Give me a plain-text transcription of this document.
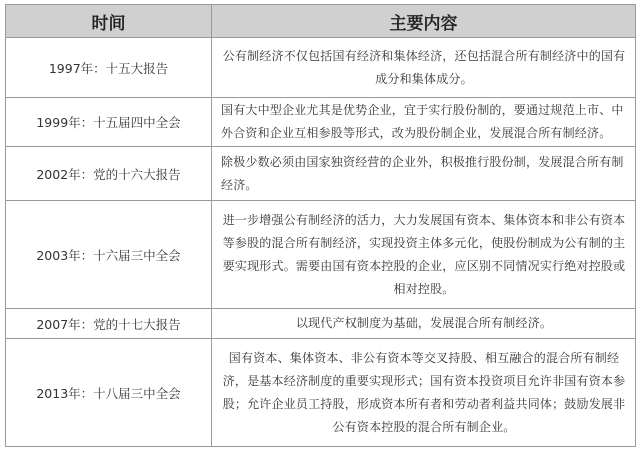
时间	主要内容
1997年：十五大报告	公有制经济不仅包括国有经济和集体经济，还包括混合所有制经济中的国有成分和集体成分。
1999年：十五届四中全会	国有大中型企业尤其是优势企业，宜于实行股份制的，要通过规范上市、中外合资和企业互相参股等形式，改为股份制企业，发展混合所有制经济。
2002年：党的十六大报告	除极少数必须由国家独资经营的企业外，积极推行股份制，发展混合所有制经济。
2003年：十六届三中全会	进一步增强公有制经济的活力，大力发展国有资本、集体资本和非公有资本等参股的混合所有制经济，实现投资主体多元化，使股份制成为公有制的主要实现形式。需要由国有资本控股的企业，应区别不同情况实行绝对控股或相对控股。
2007年：党的十七大报告	以现代产权制度为基础，发展混合所有制经济。
2013年：十八届三中全会	国有资本、集体资本、非公有资本等交叉持股、相互融合的混合所有制经济，是基本经济制度的重要实现形式；国有资本投资项目允许非国有资本参股；允许企业员工持股，形成资本所有者和劳动者利益共同体；鼓励发展非公有资本控股的混合所有制企业。
